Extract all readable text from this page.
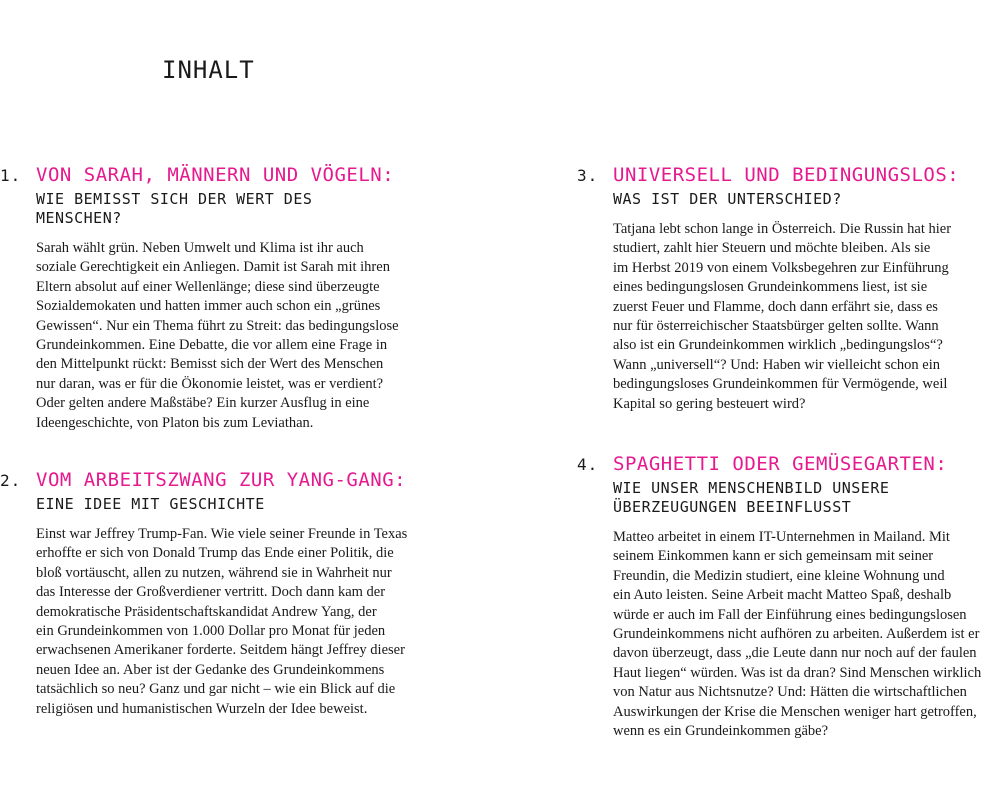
INHALT
1. VON SARAH, MÄNNERN UND VÖGELN:
WIE BEMISST SICH DER WERT DES
MENSCHEN?

Sarah wählt grün. Neben Umwelt und Klima ist ihr auch
soziale Gerechtigkeit ein Anliegen. Damit ist Sarah mit ihren
Eltern absolut auf einer Wellenlänge; diese sind überzeugte
Sozialdemokaten und hatten immer auch schon ein „grünes
Gewissen“. Nur ein Thema führt zu Streit: das bedingungslose
Grundeinkommen. Eine Debatte, die vor allem eine Frage in
den Mittelpunkt rückt: Bemisst sich der Wert des Menschen
nur daran, was er für die Ökonomie leistet, was er verdient?
Oder gelten andere Maßstäbe? Ein kurzer Ausflug in eine
Ideengeschichte, von Platon bis zum Leviathan.

2. VOM ARBEITSZWANG ZUR YANG-GANG:
EINE IDEE MIT GESCHICHTE

Einst war Jeffrey Trump-Fan. Wie viele seiner Freunde in Texas
erhoffte er sich von Donald Trump das Ende einer Politik, die
bloß vortäuscht, allen zu nutzen, während sie in Wahrheit nur
das Interesse der Großverdiener vertritt. Doch dann kam der
demokratische Präsidentschaftskandidat Andrew Yang, der
ein Grundeinkommen von 1.000 Dollar pro Monat für jeden
erwachsenen Amerikaner forderte. Seitdem hängt Jeffrey dieser
neuen Idee an. Aber ist der Gedanke des Grundeinkommens
tatsächlich so neu? Ganz und gar nicht – wie ein Blick auf die
religiösen und humanistischen Wurzeln der Idee beweist.

3. UNIVERSELL UND BEDINGUNGSLOS:
WAS IST DER UNTERSCHIED?

Tatjana lebt schon lange in Österreich. Die Russin hat hier
studiert, zahlt hier Steuern und möchte bleiben. Als sie
im Herbst 2019 von einem Volksbegehren zur Einführung
eines bedingungslosen Grundeinkommens liest, ist sie
zuerst Feuer und Flamme, doch dann erfährt sie, dass es
nur für österreichischer Staatsbürger gelten sollte. Wann
also ist ein Grundeinkommen wirklich „bedingungslos“?
Wann „universell“? Und: Haben wir vielleicht schon ein
bedingungsloses Grundeinkommen für Vermögende, weil
Kapital so gering besteuert wird?

4. SPAGHETTI ODER GEMÜSEGARTEN:
WIE UNSER MENSCHENBILD UNSERE
ÜBERZEUGUNGEN BEEINFLUSST

Matteo arbeitet in einem IT-Unternehmen in Mailand. Mit
seinem Einkommen kann er sich gemeinsam mit seiner
Freundin, die Medizin studiert, eine kleine Wohnung und
ein Auto leisten. Seine Arbeit macht Matteo Spaß, deshalb
würde er auch im Fall der Einführung eines bedingungslosen
Grundeinkommens nicht aufhören zu arbeiten. Außerdem ist er
davon überzeugt, dass „die Leute dann nur noch auf der faulen
Haut liegen“ würden. Was ist da dran? Sind Menschen wirklich
von Natur aus Nichtsnutze? Und: Hätten die wirtschaftlichen
Auswirkungen der Krise die Menschen weniger hart getroffen,
wenn es ein Grundeinkommen gäbe?
